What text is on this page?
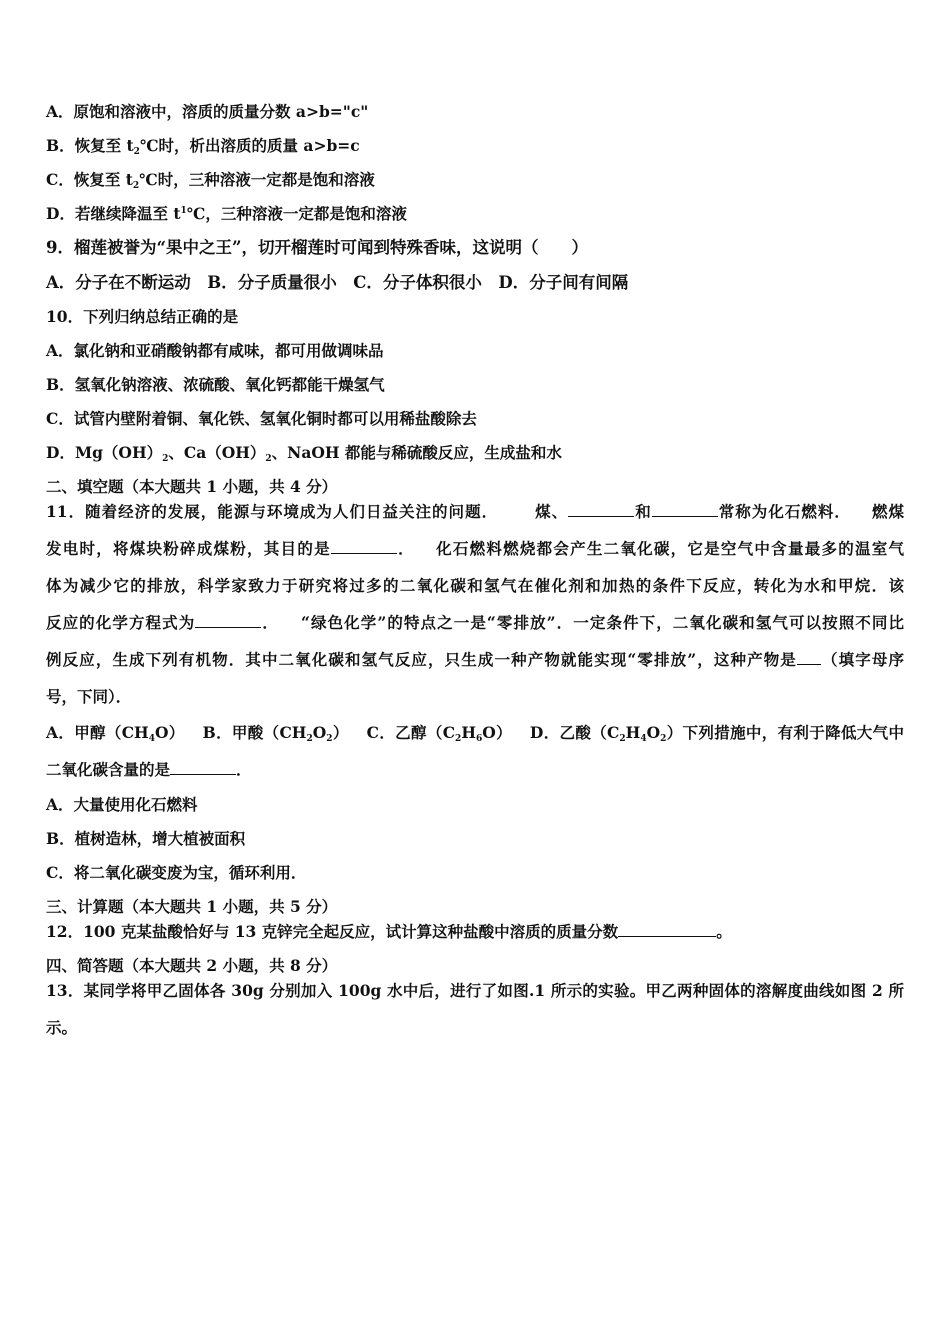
A．原饱和溶液中，溶质的质量分数 a>b="c"
B．恢复至 $t_2℃$时，析出溶质的质量 a>b=c
C．恢复至 $t_2℃$时，三种溶液一定都是饱和溶液
D．若继续降温至 $t^1℃$，三种溶液一定都是饱和溶液
9．榴莲被誉为“果中之王”，切开榴莲时可闻到特殊香味，这说明（　　）
A．分子在不断运动　B．分子质量很小　C．分子体积很小　D．分子间有间隔
10．下列归纳总结正确的是
A．氯化钠和亚硝酸钠都有咸味，都可用做调味品
B．氢氧化钠溶液、浓硫酸、氧化钙都能干燥氢气
C．试管内壁附着铜、氧化铁、氢氧化铜时都可以用稀盐酸除去
D．$Mg(OH)_2$、$Ca(OH)_2$、NaOH 都能与稀硫酸反应，生成盐和水
二、填空题（本大题共 1 小题，共 4 分）
11．随着经济的发展，能源与环境成为人们日益关注的问题． 煤、	和	常称为化石燃料． 燃煤
发电时，将煤块粉碎成煤粉，其目的是	． 化石燃料燃烧都会产生二氧化碳，它是空气中含量最多的温室气
体为减少它的排放，科学家致力于研究将过多的二氧化碳和氢气在催化剂和加热的条件下反应，转化为水和甲烷．该
反应的化学方程式为	． “绿色化学”的特点之一是“零排放”．一定条件下，二氧化碳和氢气可以按照不同比
例反应，生成下列有机物．其中二氧化碳和氢气反应，只生成一种产物就能实现“零排放”，这种产物是 （填字母序
号，下同）．
A．甲醇$(CH_4O)$ B．甲酸$(CH_2O_2)$ C．乙醇$(C_2H_6O)$ D．乙酸$(C_2H_4O_2)$下列措施中，有利于降低大气中
二氧化碳含量的是	．
A．大量使用化石燃料
B．植树造林，增大植被面积
C．将二氧化碳变废为宝，循环利用．
三、计算题（本大题共 1 小题，共 5 分）
12．100 克某盐酸恰好与 13 克锌完全起反应，试计算这种盐酸中溶质的质量分数	。
四、简答题（本大题共 2 小题，共 8 分）
13．某同学将甲乙固体各 30g 分别加入 100g 水中后，进行了如图.1 所示的实验。甲乙两种固体的溶解度曲线如图 2 所
示。
